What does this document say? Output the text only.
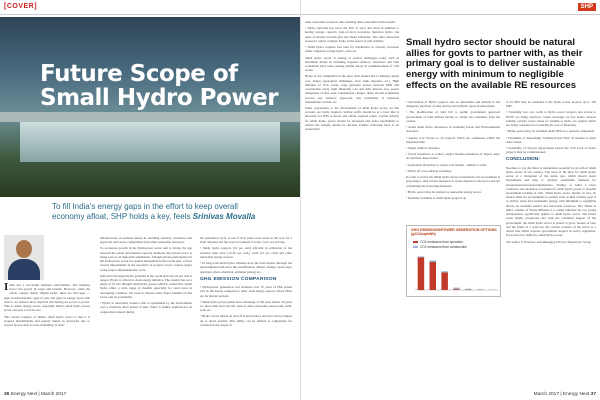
[COVER]
Future Scope of
Small Hydro Power
To fill India's energy gaps in the effort to keep overall economy afloat, SHP holds a key, feels Srinivas Movalla

India has a successful business environment. The business sector has grown by leaps and bounds. However, when the whole country chants 'Digital India', there are still gaps — gaps in infrastructure, gaps in jobs and gaps in energy sector that lead to our nation's most deprived still having no access to power. This is where energy sector, especially India's small hydro power sector can play a crucial role.

The current scenario of India's small hydro sector is that it is stopped intermittently and quietly buried in graveyard due to several factors such as non-availability of basic

infrastructure, in-ordinate delays in obtaining statutory clearances and approvals and severe competition from other renewable resources.

To accelerate growth in the hydropower sector and to bridge the gap between the actual and planned capacity additions, the private sector is being seen as an important stakeholder. Though private participation in the hydropower sector has gained momentum in the recent past, it faces several impediments in the execution of projects across various stages of the project implementation cycle.

India has 5th largest hydro potential in the world and only 20 per cent is tapped. Hydro is critical to clean energy initiative. The country has set a target of 10 GW through small hydro power which is achievable. Small hydro offers a wide range of benefits especially for rural areas in developing countries. We need to discuss some major benefits of this sector and its potentiality.

• Hydro is renewable resource that is replenished by the environment over a relatively short period of time. Water is neither depleted nor its composition altered during

the generation cycle. A run of river plant owes water in the weir for a short duration and the water is returned to water cycle on each day.

• Small hydro projects (10 per cent) efficient in utilisation of the resource than solar (15-20 per cent), wind (15 per cent) and other renewable energy sources.

• In long term small hydro schemes have the least impact amongst the environmental indicators like acidification, climate change, ozone layer depletion, photo-chemical oxidation (smog) etc.

GHG EMISSION COMPARISON

• Hydropower generation cost levelised over 35 years of PPA period will be the lowest compared to other clean energy sources whose PPAs are for shorter periods.

• Small hydro power plants have advantage of life span almost 50 years i.e. more than twice the life span of other renewable sources like wind, solar etc.

• Hydro can be turned on and off in short notice and also can be ramped up or down quickly. This ability can be utilised to compensate for variation in the output of

36 Energy Next | March 2017
SHP

other renewable resources thus enabling other renewable in the system.

• Hydro typically has twice the PLF of solar and wind in addition to having storage capacity (run-of-river) nowadays therefore hydro can quite accurately provide grid day ahead schedules. The other renewable resources cannot compete hydro in the aspect of grid stability.

• Small hydro requires less land for installation as capacity increases when compared to large hydro, solar etc.

Small hydro sector is staring at several challenges today such as inordinate delays in obtaining required statutory clearances and land acquisition have been causing painful delays in commencement of civil works.

Hydro is not competitive in the short term market due to Raising capital cost, delays (geological challenges, slow bank response, etc.), High inflation of civil works, long gestation period between DPR and construction start), high financing cost and debt interest, free power obligations of host state, transmission charges, delay in land acquisition process and statutory approvals, non availability of interstate transmission corridor etc.

Some concessions to the development of small hydro sector, on this account, are badly required. Setting tariffs should be at a level that is attractive for IPPs to invest and obtain required return. Capital subsidy for small hydro power should be increased and better mechanism to deliver the subsidy should be devised. Further following have to be looked into:

Small hydro sector should be natural allies for govts to partner with, as their primary goal is to deliver sustainable energy with minimum to negligible effects on the available RE resources

• Declaration of Hydro projects also as renewables and include in the obligatory purchase of state and lay down Hydro quota in renewables.

• The modification of land bill to permit government approved procurement of land without having to obtain any consensus from the owners.

• Assist small hydro developers in obtaining Forest and Environmental clearance.

• Assure 5/12 factors to all projects which are completed within the stipulated time.

• Single window clearance.

• Fiscal incentives to reduce capital burden-exemption of import duty; Accelerated depreciation.

• Generation incentives to reduce cost burden - similar to wind.

• Waive off cross subsidy surcharge

In order to revive the Small hydro Sector from Inertia, the Government is proposing to take various measures to create impetus to the sector and are considering the following measures.

• Hydro power may be deemed as renewable energy sector.

• Incentive available to small hydro projects up

GHG EMISSIONS/POWER GENERATION OPTIONS (gCO2eq/kWh)
CO2 emissions from operation
CO2 emissions from construction

to 25 MW may be extended to the hydro power projects up to 100 MW.

• Extending low cost credit to hydro power projects and access to NCEF are being explored. Green sovereign tax free bonds, interest subsidy, priority sector status for lending to hydro are options which are being considered for reducing the cost of financing.

• Hydro power may be excluded under RPO as a separate component.

• Possibility of dispatching "Climate Power First" in relation to merit order issues.

• Possibility of 50-year depreciation period the civil work of hydro projects may be commissioned.

CONCLUSION:

Needless to say that there is tremendous potential for growth of small hydro sector in our country. The need of the hour for small hydro sector is a disruption of the status quo, which should foster investments and help to develop sustainable business for entrepreneurs/investors/stakeholders. Further, to build a more conducive and inclusive ecosystem for small hydro power to flourish government backing is vital. Small hydro sector should, in fact, be natural allies for governments to partner with, as their primary goal is to deliver clean and sustainable energy with minimum to negligible effects on available natural and renewable resources. The "Make in India" scheme of Prime Minister is a robust initiative for our young entrepreneurs specifically applies to small hydro sector. The future looks bright, prosperous and with the continued support of the government, the small hydro sector is poised to grow. Sooner or later and the future is a solid bet, the current scenario of the sector is a dotted line which requires government support as policy regulation. Focus has now shifted to small hydro power.

The author is Promoter and Managing Director, Rajeshwar Group

March 2017 | Energy Next 37
